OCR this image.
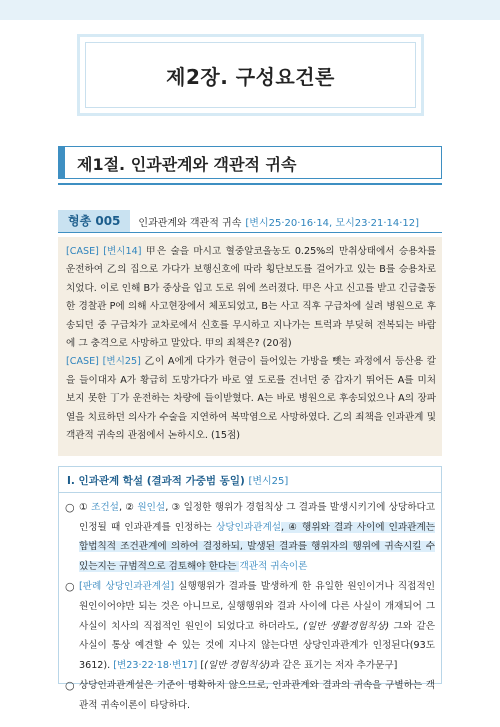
제2장. 구성요건론
제1절. 인과관계와 객관적 귀속
형총 005	인과관계와 객관적 귀속 [변시25·20·16·14, 모시23·21·14·12]

[CASE] [변시14] 甲은 술을 마시고 혈중알코올농도 0.25%의 만취상태에서 승용차를 운전하여 乙의 집으로 가다가 보행신호에 따라 횡단보도를 걸어가고 있는 B를 승용차로 치었다. 이로 인해 B가 중상을 입고 도로 위에 쓰러졌다. 甲은 사고 신고를 받고 긴급출동한 경찰관 P에 의해 사고현장에서 체포되었고, B는 사고 직후 구급차에 실려 병원으로 후송되던 중 구급차가 교차로에서 신호를 무시하고 지나가는 트럭과 부딪혀 전복되는 바람에 그 충격으로 사망하고 말았다. 甲의 죄책은? (20점)

[CASE] [변시25] 乙이 A에게 다가가 현금이 들어있는 가방을 뺏는 과정에서 등산용 칼을 들이대자 A가 황급히 도망가다가 바로 옆 도로를 건너던 중 갑자기 뛰어든 A를 미처 보지 못한 丁가 운전하는 차량에 들이받혔다. A는 바로 병원으로 후송되었으나 A의 장파열을 치료하던 의사가 수술을 지연하여 복막염으로 사망하였다. 乙의 죄책을 인과관계 및 객관적 귀속의 관점에서 논하시오. (15점)

I. 인과관계 학설 (결과적 가중범 동일) [변시25]
○ ① 조건설, ② 원인설, ③ 일정한 행위가 경험칙상 그 결과를 발생시키기에 상당하다고 인정될 때 인과관계를 인정하는 상당인과관계설, ④ 행위와 결과 사이에 인과관계는 합법칙적 조건관계에 의하여 결정하되, 발생된 결과를 행위자의 행위에 귀속시킬 수 있는지는 규범적으로 검토해야 한다는 객관적 귀속이론

○ [판례 상당인과관계설] 실행행위가 결과를 발생하게 한 유일한 원인이거나 직접적인 원인이어야만 되는 것은 아니므로, 실행행위와 결과 사이에 다른 사실이 개재되어 그 사실이 치사의 직접적인 원인이 되었다고 하더라도, (일반 생활경험칙상) 그와 같은 사실이 통상 예견할 수 있는 것에 지나지 않는다면 상당인과관계가 인정된다(93도3612). [변23·22·18·변17] [(일반 경험칙상)과 같은 표기는 저자 추가문구]

○ 상당인과관계설은 기준이 명확하지 않으므로, 인과관계와 결과의 귀속을 구별하는 객관적 귀속이론이 타당하다.
